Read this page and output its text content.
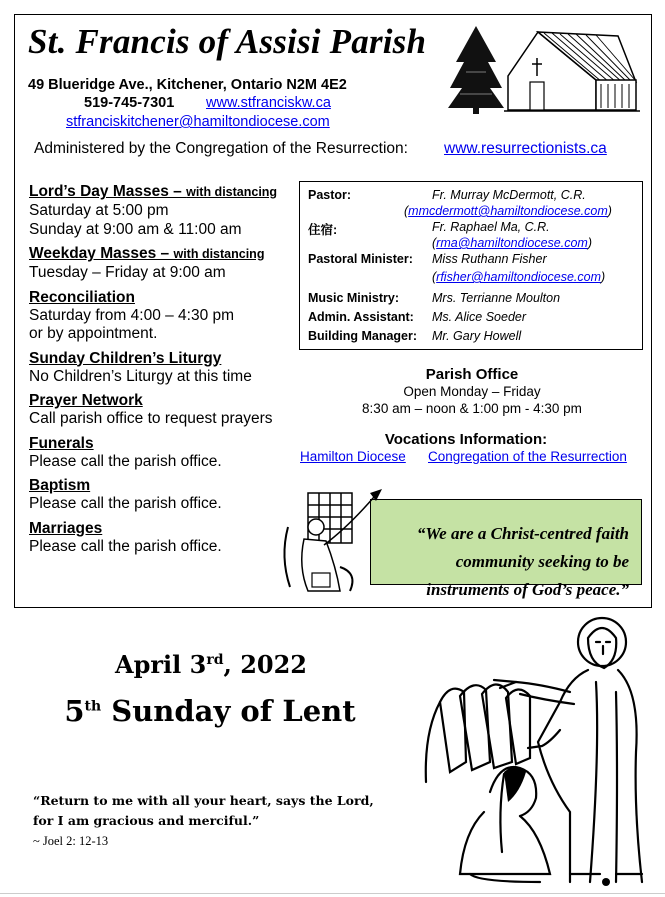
St. Francis of Assisi Parish
49 Blueridge Ave., Kitchener, Ontario N2M 4E2
519-745-7301 www.stfranciskw.ca
stfranciskitchener@hamiltondiocese.com
Administered by the Congregation of the Resurrection: www.resurrectionists.ca
Lord’s Day Masses – with distancing
Saturday at 5:00 pm
Sunday at 9:00 am & 11:00 am
Weekday Masses – with distancing
Tuesday – Friday at 9:00 am
Reconciliation
Saturday from 4:00 – 4:30 pm
or by appointment.
Sunday Children’s Liturgy
No Children’s Liturgy at this time
Prayer Network
Call parish office to request prayers
Funerals
Please call the parish office.
Baptism
Please call the parish office.
Marriages
Please call the parish office.
Pastor:	Fr. Murray McDermott, C.R.
(mmcdermott@hamiltondiocese.com)
住宿:	Fr. Raphael Ma, C.R.
(rma@hamiltondiocese.com)
Pastoral Minister: Miss Ruthann Fisher
(rfisher@hamiltondiocese.com)
Music Ministry:	Mrs. Terrianne Moulton
Admin. Assistant: Ms. Alice Soeder
Building Manager: Mr. Gary Howell
Parish Office
Open Monday – Friday
8:30 am – noon & 1:00 pm - 4:30 pm
Vocations Information:
Hamilton Diocese Congregation of the Resurrection
“We are a Christ-centred faith
community seeking to be
instruments of God’s peace.”
April 3rd, 2022
5th Sunday of Lent
“Return to me with all your heart, says the Lord,
for I am gracious and merciful.”
~ Joel 2: 12-13
